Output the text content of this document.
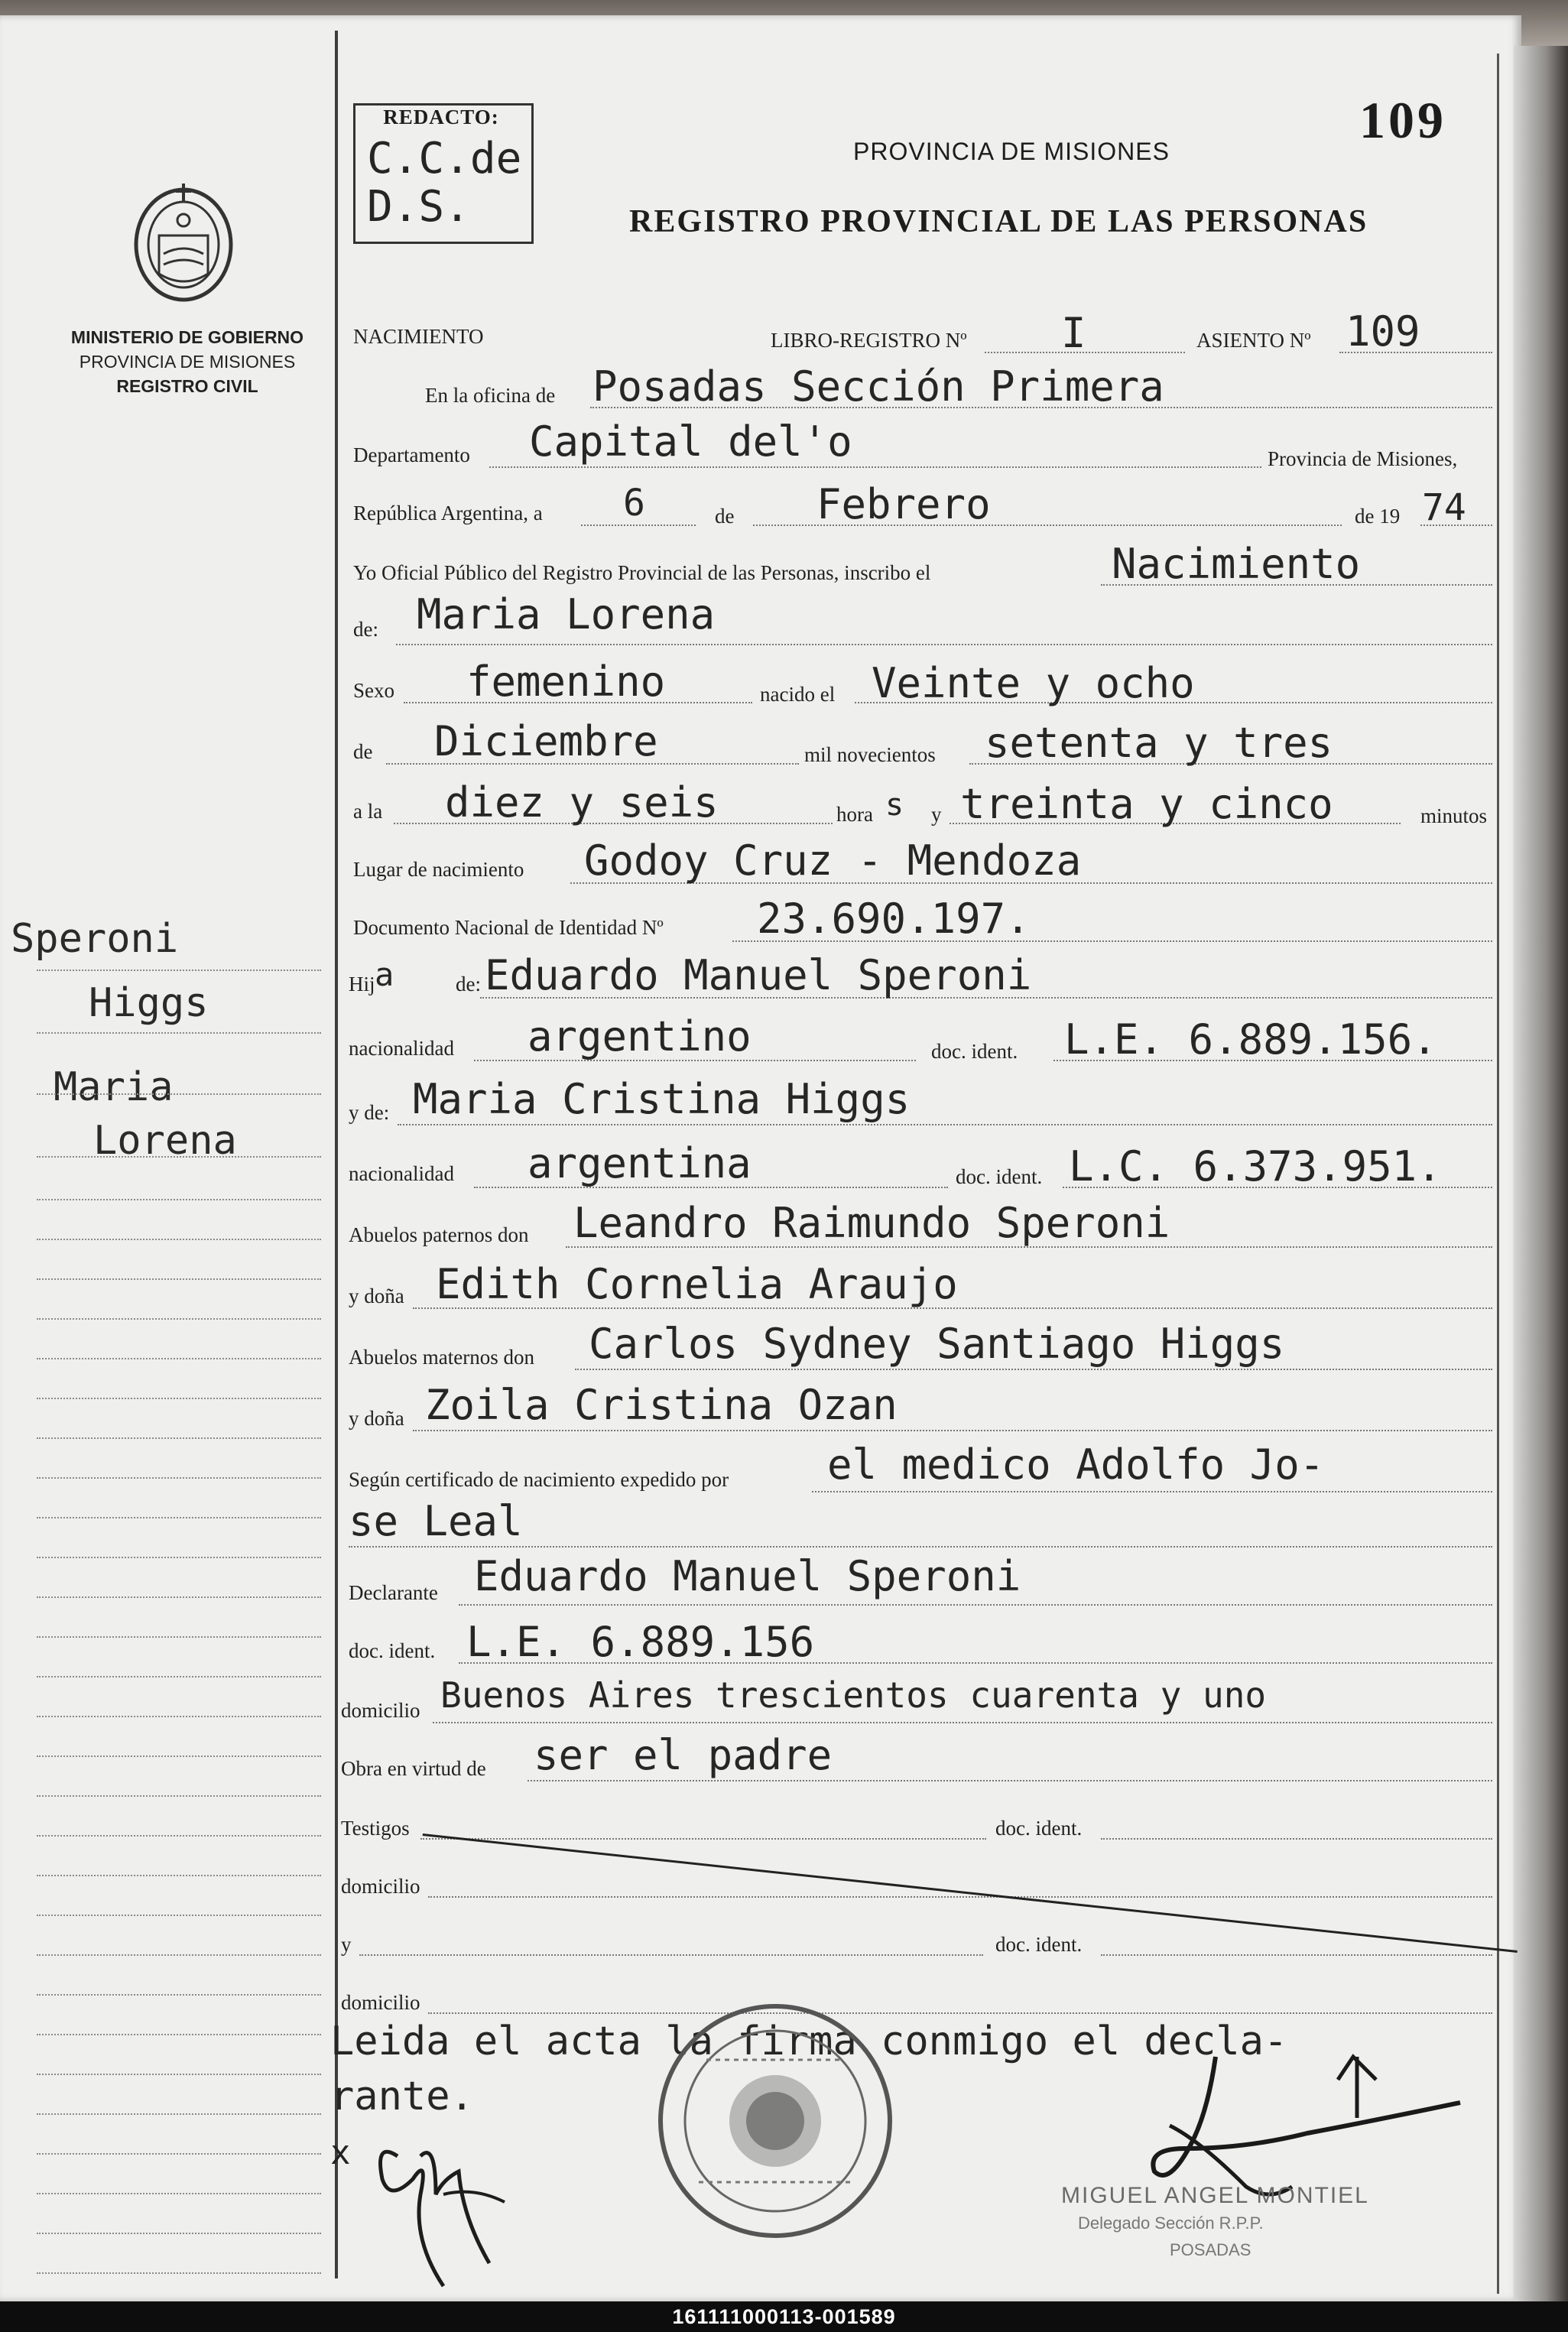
MINISTERIO DE GOBIERNO
PROVINCIA DE MISIONES
REGISTRO CIVIL
Speroni
Higgs
Maria
Lorena
REDACTO:
C.C.de
D.S.
109
PROVINCIA DE MISIONES
REGISTRO PROVINCIAL DE LAS PERSONAS
NACIMIENTO	LIBRO-REGISTRO Nº I	ASIENTO Nº 109
En la oficina de Posadas Sección Primera
Departamento Capital del'o	Provincia de Misiones,
República Argentina, a 6	de Febrero	de 19 74
Yo Oficial Público del Registro Provincial de las Personas, inscribo el	Nacimiento
de: Maria Lorena
Sexo femenino	nacido el Veinte y ocho
de Diciembre	mil novecientos setenta y tres
a la diez y seis	hora s y treinta y cinco	minutos
Lugar de nacimiento Godoy Cruz - Mendoza
Documento Nacional de Identidad Nº 23.690.197.
Hij a	de: Eduardo Manuel Speroni
nacionalidad argentino	doc. ident. L.E. 6.889.156.
y de: Maria Cristina Higgs
nacionalidad argentina	doc. ident. L.C. 6.373.951.
Abuelos paternos don Leandro Raimundo Speroni
y doña Edith Cornelia Araujo
Abuelos maternos don Carlos Sydney Santiago Higgs
y doña Zoila Cristina Ozan
Según certificado de nacimiento expedido por el medico Adolfo Jo-
se Leal
Declarante Eduardo Manuel Speroni
doc. ident. L.E. 6.889.156
domicilio Buenos Aires trescientos cuarenta y uno
Obra en virtud de ser el padre
Testigos	doc. ident.
domicilio
y	doc. ident.
domicilio
Leida el acta la firma conmigo el decla-
rante.
x
MIGUEL ANGEL MONTIEL
Delegado Sección R.P.P.
POSADAS
161111000113-001589
